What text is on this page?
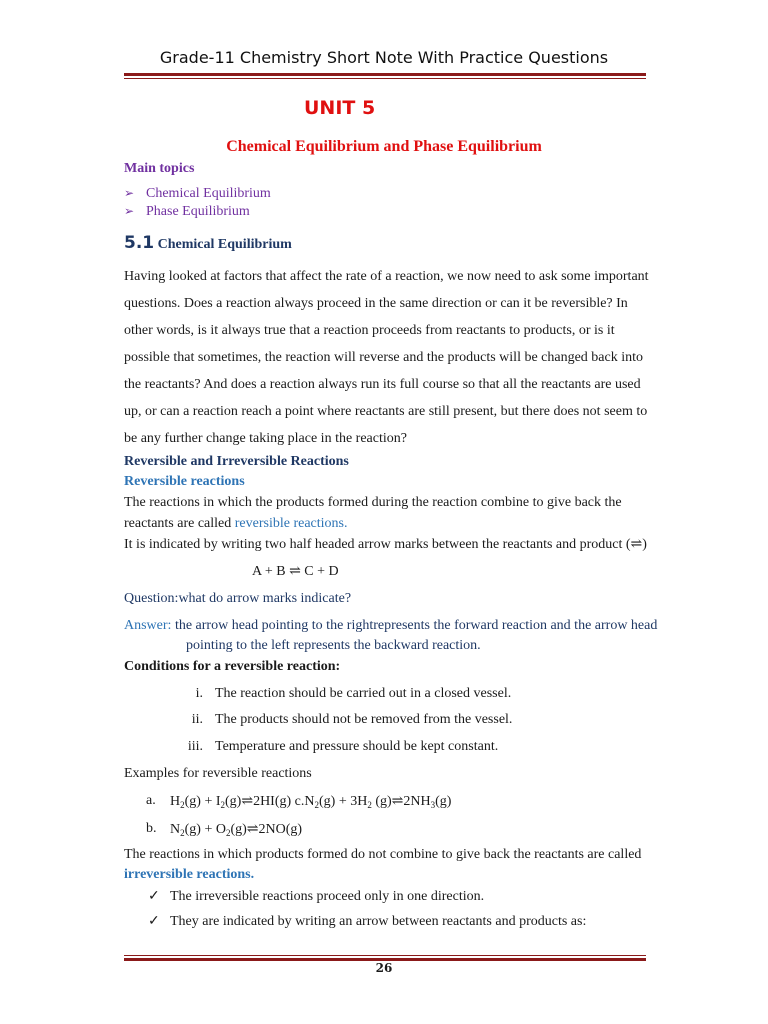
Grade-11 Chemistry Short Note With Practice Questions
UNIT 5
Chemical Equilibrium and Phase Equilibrium
Main topics
➢ Chemical Equilibrium
➢ Phase Equilibrium
5.1 Chemical Equilibrium
Having looked at factors that affect the rate of a reaction, we now need to ask some important
questions. Does a reaction always proceed in the same direction or can it be reversible? In
other words, is it always true that a reaction proceeds from reactants to products, or is it
possible that sometimes, the reaction will reverse and the products will be changed back into
the reactants? And does a reaction always run its full course so that all the reactants are used
up, or can a reaction reach a point where reactants are still present, but there does not seem to
be any further change taking place in the reaction?
Reversible and Irreversible Reactions
Reversible reactions
The reactions in which the products formed during the reaction combine to give back the
reactants are called reversible reactions.
It is indicated by writing two half headed arrow marks between the reactants and product (⇌)
A + B ⇌ C + D
Question:what do arrow marks indicate?
Answer: the arrow head pointing to the rightrepresents the forward reaction and the arrow head
pointing to the left represents the backward reaction.
Conditions for a reversible reaction:
i. The reaction should be carried out in a closed vessel.
ii. The products should not be removed from the vessel.
iii. Temperature and pressure should be kept constant.
Examples for reversible reactions
a. $H_2(g)$ + $I_2(g)\rightleftharpoons 2HI(g) c.N_2(g) + 3H_2$ $(g)\rightleftharpoons 2NH_3(g)$
b. $N_2(g)$ + $O_2(g)\rightleftharpoons 2NO(g)$
The reactions in which products formed do not combine to give back the reactants are called
irreversible reactions.
✓ The irreversible reactions proceed only in one direction.
✓ They are indicated by writing an arrow between reactants and products as:
26
